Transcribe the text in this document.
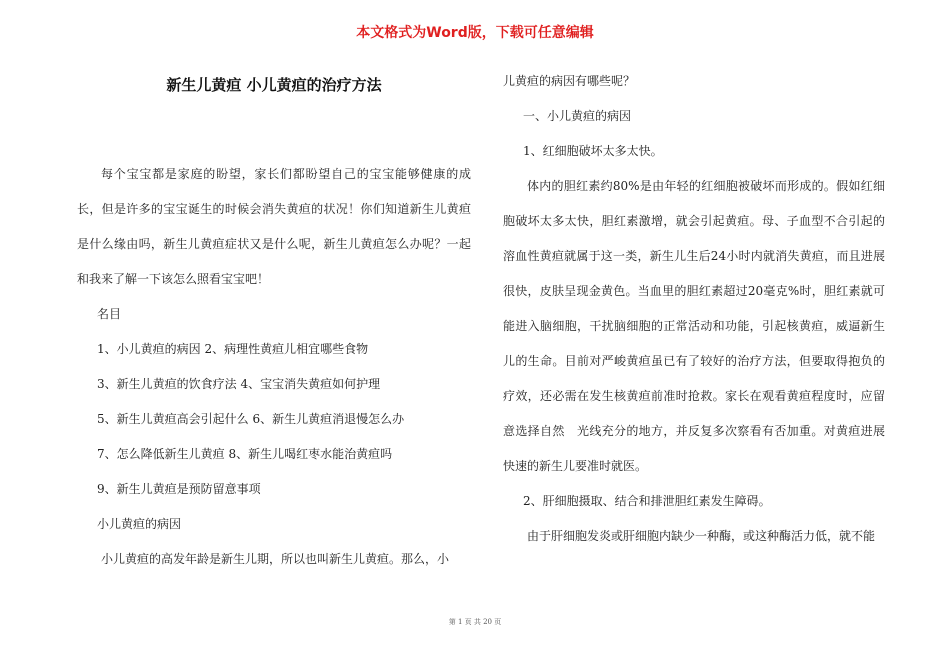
本文格式为Word版，下载可任意编辑
新生儿黄疸 小儿黄疸的治疗方法

每个宝宝都是家庭的盼望，家长们都盼望自己的宝宝能够健康的成长，但是许多的宝宝诞生的时候会消失黄疸的状况！你们知道新生儿黄疸是什么缘由吗，新生儿黄疸症状又是什么呢，新生儿黄疸怎么办呢？一起和我来了解一下该怎么照看宝宝吧！

名目

1、小儿黄疸的病因 2、病理性黄疸儿相宜哪些食物

3、新生儿黄疸的饮食疗法 4、宝宝消失黄疸如何护理

5、新生儿黄疸高会引起什么 6、新生儿黄疸消退慢怎么办

7、怎么降低新生儿黄疸 8、新生儿喝红枣水能治黄疸吗

9、新生儿黄疸是预防留意事项

小儿黄疸的病因

小儿黄疸的高发年龄是新生儿期，所以也叫新生儿黄疸。那么，小

儿黄疸的病因有哪些呢？

一、小儿黄疸的病因

1、红细胞破坏太多太快。

体内的胆红素约80%是由年轻的红细胞被破坏而形成的。假如红细胞破坏太多太快，胆红素激增，就会引起黄疸。母、子血型不合引起的溶血性黄疸就属于这一类，新生儿生后24小时内就消失黄疸，而且进展很快，皮肤呈现金黄色。当血里的胆红素超过20毫克%时，胆红素就可能进入脑细胞，干扰脑细胞的正常活动和功能，引起核黄疸，威逼新生儿的生命。目前对严峻黄疸虽已有了较好的治疗方法，但要取得抱负的疗效，还必需在发生核黄疸前准时抢救。家长在观看黄疸程度时，应留意选择自然　光线充分的地方，并反复多次察看有否加重。对黄疸进展快速的新生儿要准时就医。

2、肝细胞摄取、结合和排泄胆红素发生障碍。

由于肝细胞发炎或肝细胞内缺少一种酶，或这种酶活力低，就不能

第 1 页 共 20 页
